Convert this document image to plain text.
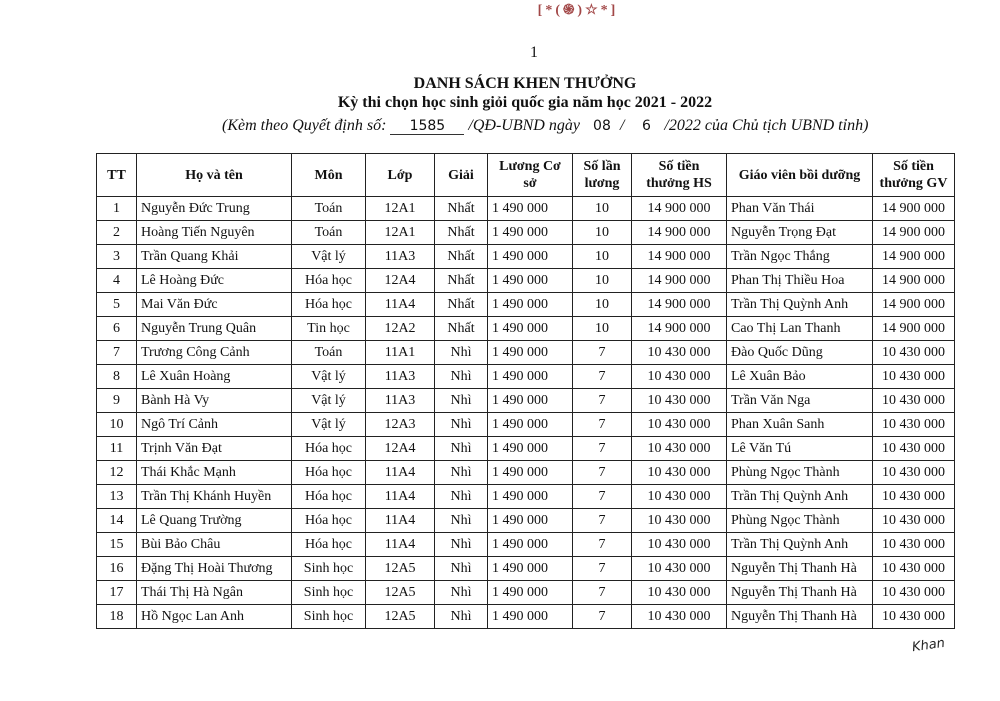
[*(֍)☆*]
1
DANH SÁCH KHEN THƯỞNG
Kỳ thi chọn học sinh giỏi quốc gia năm học 2021 - 2022
(Kèm theo Quyết định số: 1585 /QĐ-UBND ngày 08 / 6 /2022 của Chủ tịch UBND tỉnh)
TT	Họ và tên	Môn	Lớp	Giải	Lương Cơ sở	Số lần lương	Số tiền thưởng HS	Giáo viên bồi dưỡng	Số tiền thưởng GV
1	Nguyễn Đức Trung	Toán	12A1	Nhất	1 490 000	10	14 900 000	Phan Văn Thái	14 900 000
2	Hoàng Tiến Nguyên	Toán	12A1	Nhất	1 490 000	10	14 900 000	Nguyễn Trọng Đạt	14 900 000
3	Trần Quang Khải	Vật lý	11A3	Nhất	1 490 000	10	14 900 000	Trần Ngọc Thắng	14 900 000
4	Lê Hoàng Đức	Hóa học	12A4	Nhất	1 490 000	10	14 900 000	Phan Thị Thiều Hoa	14 900 000
5	Mai Văn Đức	Hóa học	11A4	Nhất	1 490 000	10	14 900 000	Trần Thị Quỳnh Anh	14 900 000
6	Nguyễn Trung Quân	Tin học	12A2	Nhất	1 490 000	10	14 900 000	Cao Thị Lan Thanh	14 900 000
7	Trương Công Cảnh	Toán	11A1	Nhì	1 490 000	7	10 430 000	Đào Quốc Dũng	10 430 000
8	Lê Xuân Hoàng	Vật lý	11A3	Nhì	1 490 000	7	10 430 000	Lê Xuân Bảo	10 430 000
9	Bành Hà Vy	Vật lý	11A3	Nhì	1 490 000	7	10 430 000	Trần Văn Nga	10 430 000
10	Ngô Trí Cảnh	Vật lý	12A3	Nhì	1 490 000	7	10 430 000	Phan Xuân Sanh	10 430 000
11	Trịnh Văn Đạt	Hóa học	12A4	Nhì	1 490 000	7	10 430 000	Lê Văn Tú	10 430 000
12	Thái Khắc Mạnh	Hóa học	11A4	Nhì	1 490 000	7	10 430 000	Phùng Ngọc Thành	10 430 000
13	Trần Thị Khánh Huyền	Hóa học	11A4	Nhì	1 490 000	7	10 430 000	Trần Thị Quỳnh Anh	10 430 000
14	Lê Quang Trường	Hóa học	11A4	Nhì	1 490 000	7	10 430 000	Phùng Ngọc Thành	10 430 000
15	Bùi Bảo Châu	Hóa học	11A4	Nhì	1 490 000	7	10 430 000	Trần Thị Quỳnh Anh	10 430 000
16	Đặng Thị Hoài Thương	Sinh học	12A5	Nhì	1 490 000	7	10 430 000	Nguyễn Thị Thanh Hà	10 430 000
17	Thái Thị Hà Ngân	Sinh học	12A5	Nhì	1 490 000	7	10 430 000	Nguyễn Thị Thanh Hà	10 430 000
18	Hồ Ngọc Lan Anh	Sinh học	12A5	Nhì	1 490 000	7	10 430 000	Nguyễn Thị Thanh Hà	10 430 000
Khan
